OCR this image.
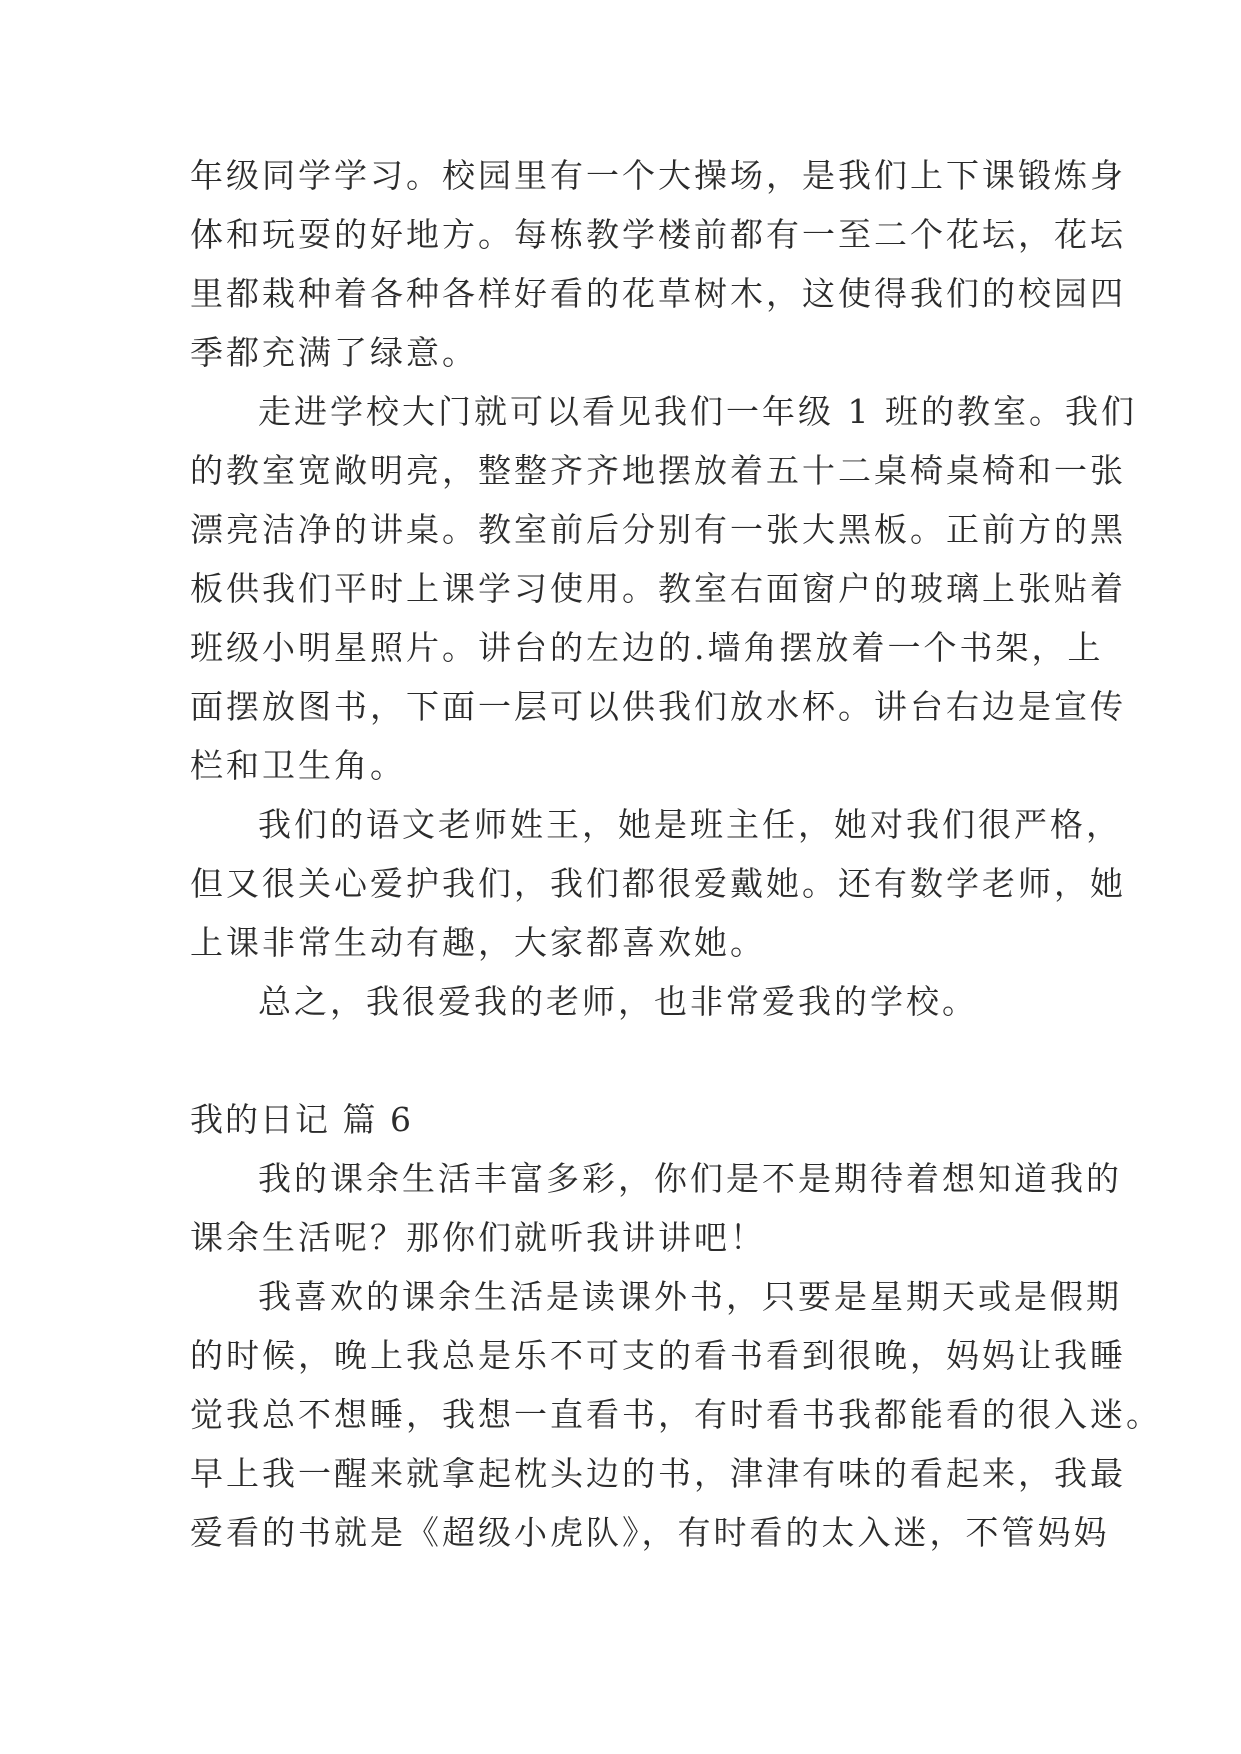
年级同学学习。校园里有一个大操场，是我们上下课锻炼身
体和玩耍的好地方。每栋教学楼前都有一至二个花坛，花坛
里都栽种着各种各样好看的花草树木，这使得我们的校园四
季都充满了绿意。
走进学校大门就可以看见我们一年级 1 班的教室。我们
的教室宽敞明亮，整整齐齐地摆放着五十二桌椅桌椅和一张
漂亮洁净的讲桌。教室前后分别有一张大黑板。正前方的黑
板供我们平时上课学习使用。教室右面窗户的玻璃上张贴着
班级小明星照片。讲台的左边的.墙角摆放着一个书架，上
面摆放图书，下面一层可以供我们放水杯。讲台右边是宣传
栏和卫生角。
我们的语文老师姓王，她是班主任，她对我们很严格，
但又很关心爱护我们，我们都很爱戴她。还有数学老师，她
上课非常生动有趣，大家都喜欢她。
总之，我很爱我的老师，也非常爱我的学校。
我的日记 篇 6
我的课余生活丰富多彩，你们是不是期待着想知道我的
课余生活呢？那你们就听我讲讲吧！
我喜欢的课余生活是读课外书，只要是星期天或是假期
的时候，晚上我总是乐不可支的看书看到很晚，妈妈让我睡
觉我总不想睡，我想一直看书，有时看书我都能看的很入迷。
早上我一醒来就拿起枕头边的书，津津有味的看起来，我最
爱看的书就是《超级小虎队》，有时看的太入迷，不管妈妈
